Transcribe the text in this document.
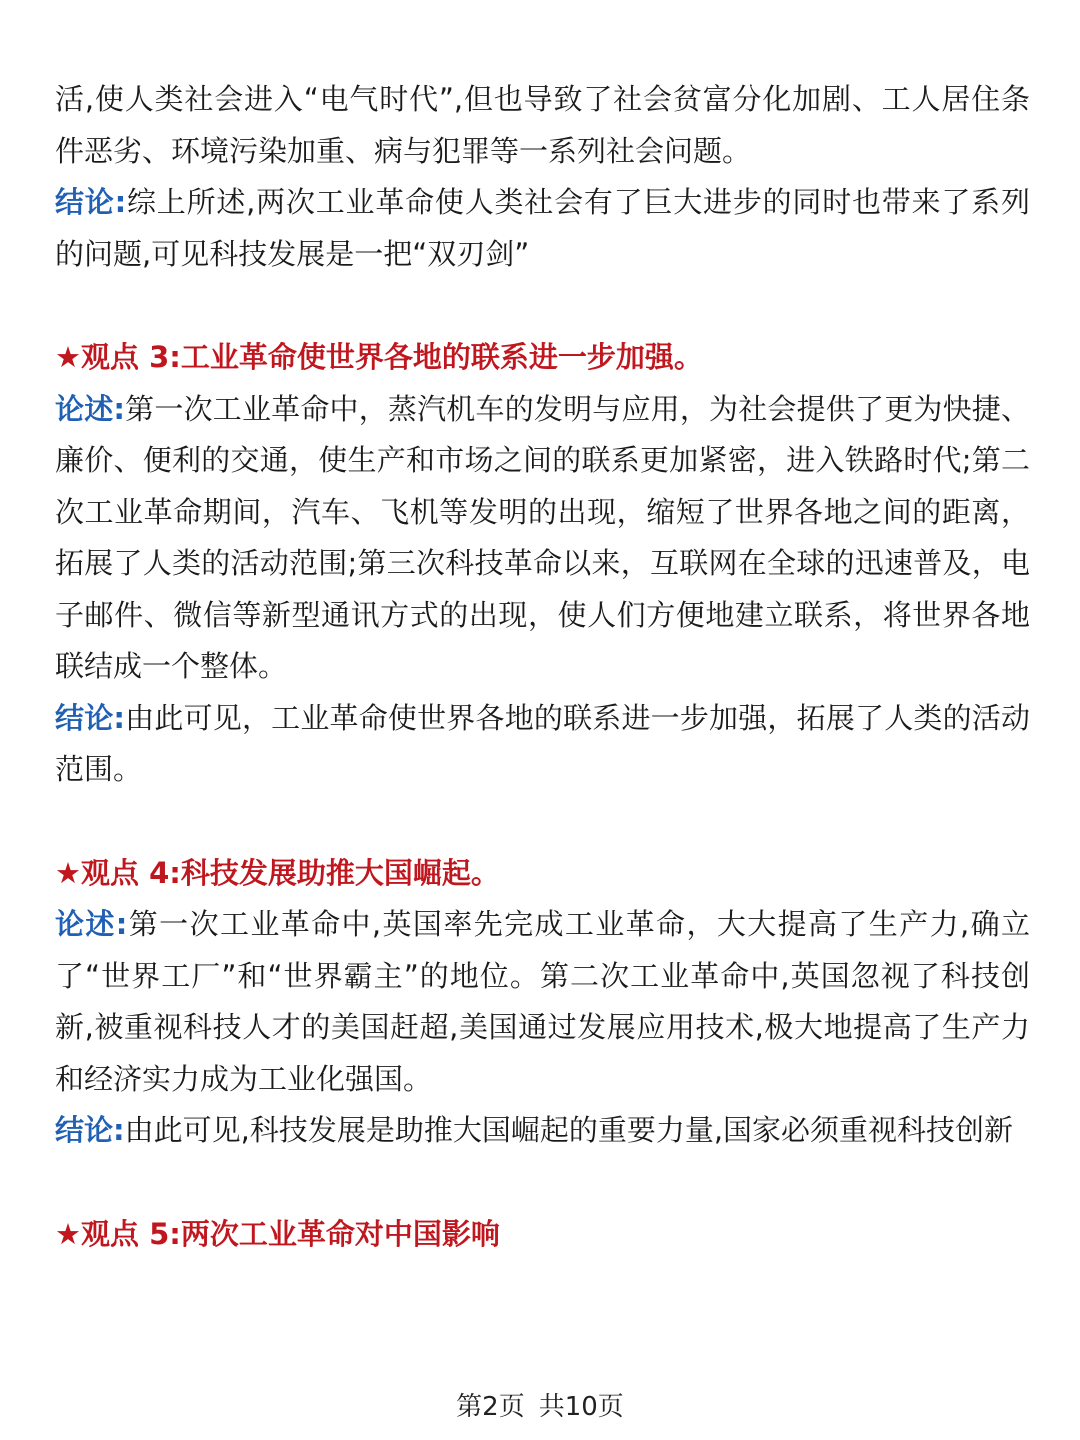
活,使人类社会进入“电气时代”,但也导致了社会贫富分化加剧、工人居住条件恶劣、环境污染加重、病与犯罪等一系列社会问题。

结论:综上所述,两次工业革命使人类社会有了巨大进步的同时也带来了系列的问题,可见科技发展是一把“双刃剑”

★观点 3:工业革命使世界各地的联系进一步加强。

论述:第一次工业革命中，蒸汽机车的发明与应用，为社会提供了更为快捷、廉价、便利的交通，使生产和市场之间的联系更加紧密，进入铁路时代;第二次工业革命期间，汽车、飞机等发明的出现，缩短了世界各地之间的距离，拓展了人类的活动范围;第三次科技革命以来，互联网在全球的迅速普及，电子邮件、微信等新型通讯方式的出现，使人们方便地建立联系，将世界各地联结成一个整体。

结论:由此可见，工业革命使世界各地的联系进一步加强，拓展了人类的活动范围。

★观点 4:科技发展助推大国崛起。

论述:第一次工业革命中,英国率先完成工业革命，大大提高了生产力,确立了“世界工厂”和“世界霸主”的地位。第二次工业革命中,英国忽视了科技创新,被重视科技人才的美国赶超,美国通过发展应用技术,极大地提高了生产力和经济实力成为工业化强国。

结论:由此可见,科技发展是助推大国崛起的重要力量,国家必须重视科技创新

★观点 5:两次工业革命对中国影响

第2页 共10页
